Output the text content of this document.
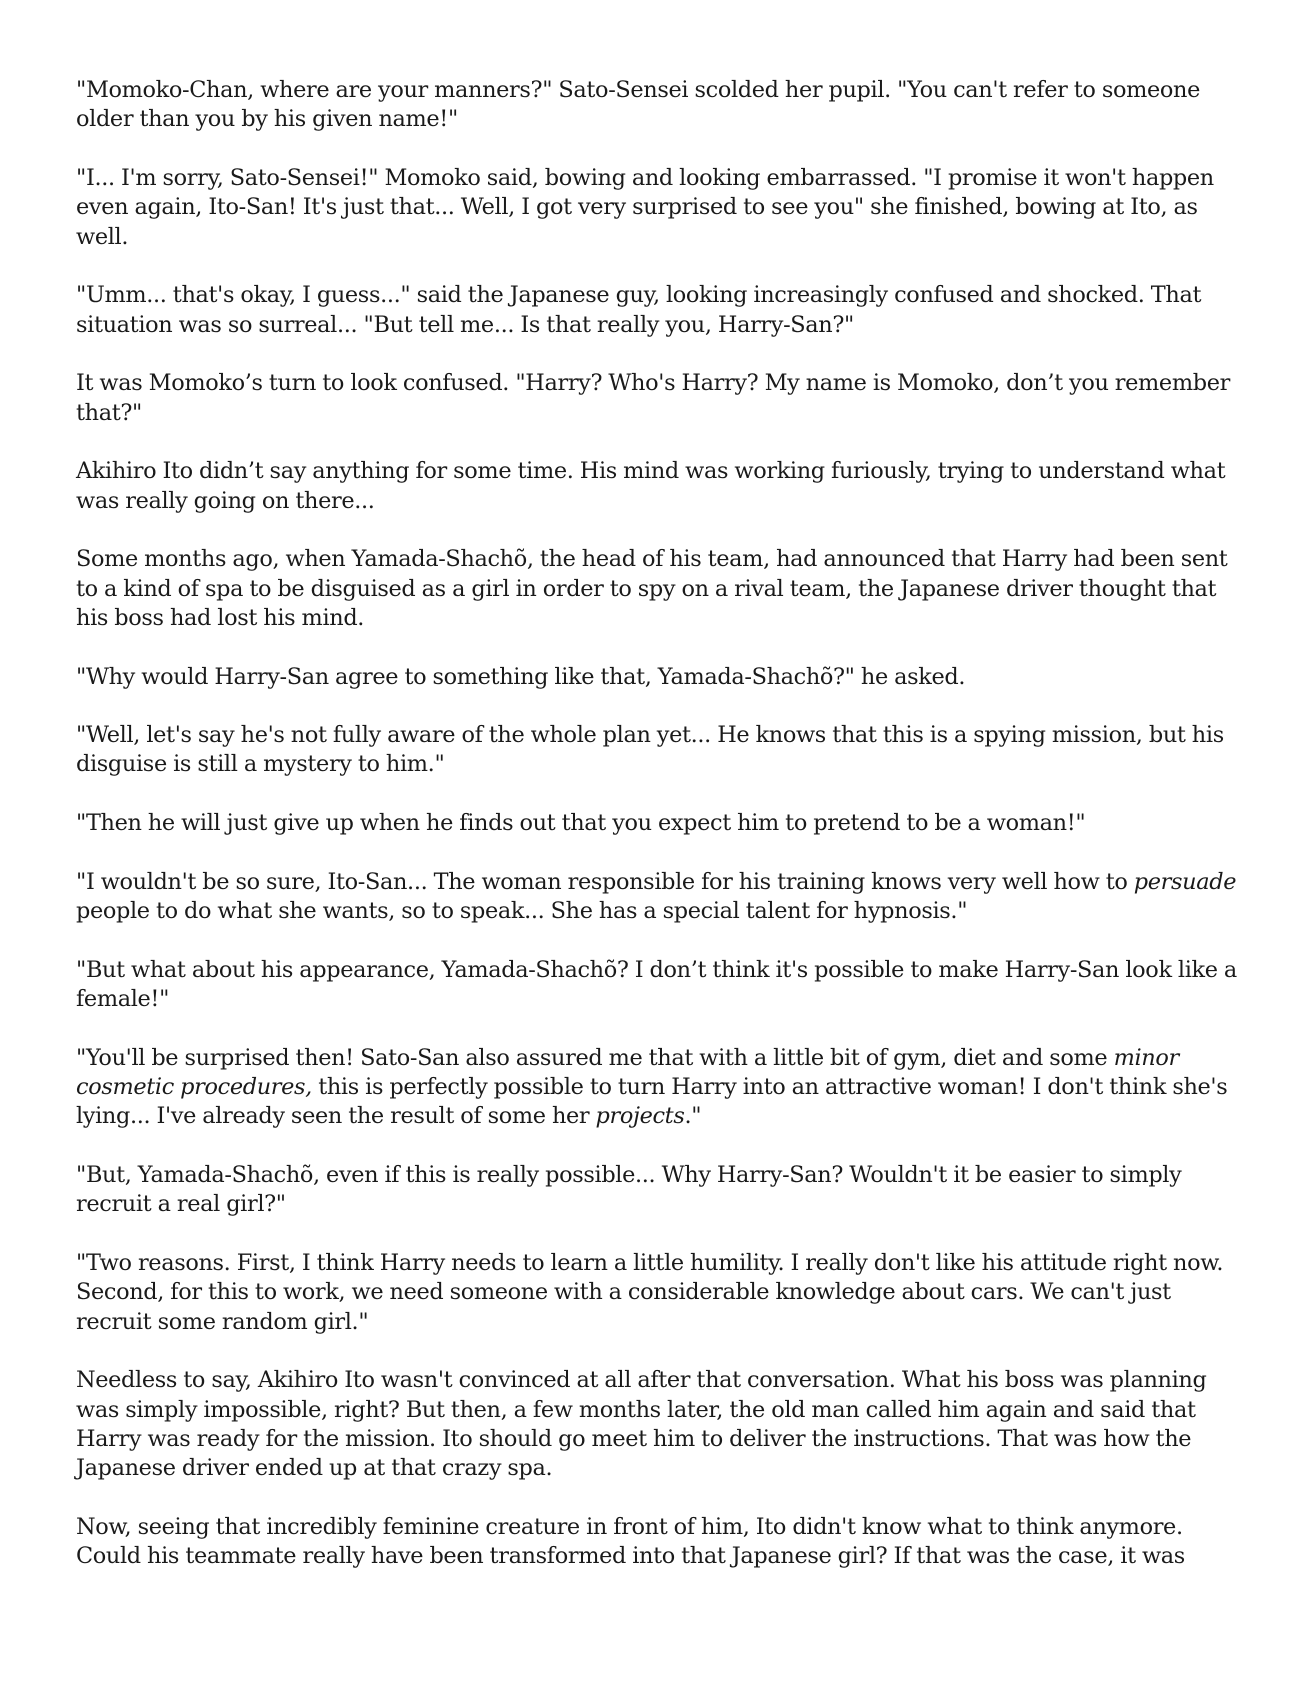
"Momoko-Chan, where are your manners?" Sato-Sensei scolded her pupil. "You can't refer to someone older than you by his given name!"

"I... I'm sorry, Sato-Sensei!" Momoko said, bowing and looking embarrassed. "I promise it won't happen even again, Ito-San! It's just that... Well, I got very surprised to see you" she finished, bowing at Ito, as well.

"Umm... that's okay, I guess..." said the Japanese guy, looking increasingly confused and shocked. That situation was so surreal... "But tell me... Is that really you, Harry-San?"

It was Momoko’s turn to look confused. "Harry? Who's Harry? My name is Momoko, don’t you remember that?"

Akihiro Ito didn’t say anything for some time. His mind was working furiously, trying to understand what was really going on there...

Some months ago, when Yamada-Shachõ, the head of his team, had announced that Harry had been sent to a kind of spa to be disguised as a girl in order to spy on a rival team, the Japanese driver thought that his boss had lost his mind.

"Why would Harry-San agree to something like that, Yamada-Shachõ?" he asked.

"Well, let's say he's not fully aware of the whole plan yet... He knows that this is a spying mission, but his disguise is still a mystery to him."

"Then he will just give up when he finds out that you expect him to pretend to be a woman!"

"I wouldn't be so sure, Ito-San... The woman responsible for his training knows very well how to persuade people to do what she wants, so to speak... She has a special talent for hypnosis."

"But what about his appearance, Yamada-Shachõ? I don’t think it's possible to make Harry-San look like a female!"

"You'll be surprised then! Sato-San also assured me that with a little bit of gym, diet and some minor cosmetic procedures, this is perfectly possible to turn Harry into an attractive woman! I don't think she's lying... I've already seen the result of some her projects."

"But, Yamada-Shachõ, even if this is really possible... Why Harry-San? Wouldn't it be easier to simply recruit a real girl?"

"Two reasons. First, I think Harry needs to learn a little humility. I really don't like his attitude right now. Second, for this to work, we need someone with a considerable knowledge about cars. We can't just recruit some random girl."

Needless to say, Akihiro Ito wasn't convinced at all after that conversation. What his boss was planning was simply impossible, right? But then, a few months later, the old man called him again and said that Harry was ready for the mission. Ito should go meet him to deliver the instructions. That was how the Japanese driver ended up at that crazy spa.

Now, seeing that incredibly feminine creature in front of him, Ito didn't know what to think anymore. Could his teammate really have been transformed into that Japanese girl? If that was the case, it was
